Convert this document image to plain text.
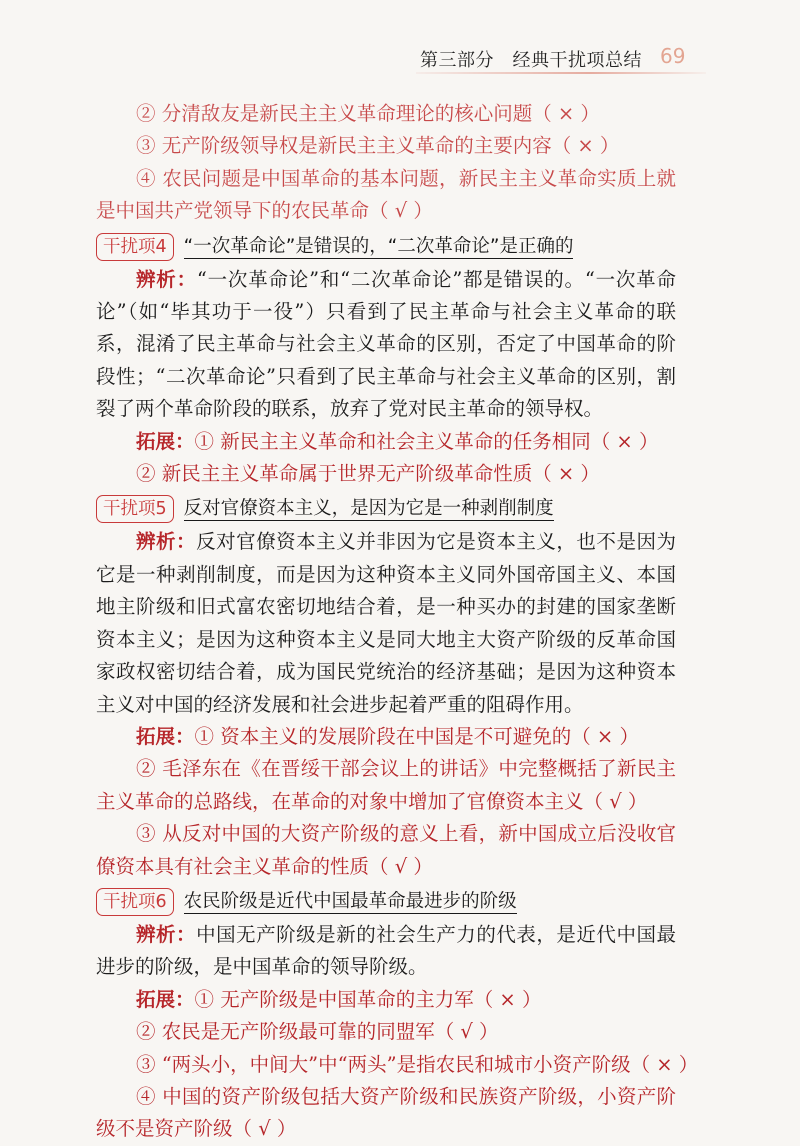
第三部分　经典干扰项总结 69

② 分清敌友是新民主主义革命理论的核心问题（ × ）

③ 无产阶级领导权是新民主主义革命的主要内容（ × ）

④ 农民问题是中国革命的基本问题，新民主主义革命实质上就是中国共产党领导下的农民革命（ √ ）

干扰项4 “一次革命论”是错误的，“二次革命论”是正确的

辨析：“一次革命论”和“二次革命论”都是错误的。“一次革命论”（如“毕其功于一役”）只看到了民主革命与社会主义革命的联系，混淆了民主革命与社会主义革命的区别，否定了中国革命的阶段性；“二次革命论”只看到了民主革命与社会主义革命的区别，割裂了两个革命阶段的联系，放弃了党对民主革命的领导权。

拓展：① 新民主主义革命和社会主义革命的任务相同（ × ）

② 新民主主义革命属于世界无产阶级革命性质（ × ）

干扰项5 反对官僚资本主义，是因为它是一种剥削制度

辨析：反对官僚资本主义并非因为它是资本主义，也不是因为它是一种剥削制度，而是因为这种资本主义同外国帝国主义、本国地主阶级和旧式富农密切地结合着，是一种买办的封建的国家垄断资本主义；是因为这种资本主义是同大地主大资产阶级的反革命国家政权密切结合着，成为国民党统治的经济基础；是因为这种资本主义对中国的经济发展和社会进步起着严重的阻碍作用。

拓展：① 资本主义的发展阶段在中国是不可避免的（ × ）

② 毛泽东在《在晋绥干部会议上的讲话》中完整概括了新民主主义革命的总路线，在革命的对象中增加了官僚资本主义（ √ ）

③ 从反对中国的大资产阶级的意义上看，新中国成立后没收官僚资本具有社会主义革命的性质（ √ ）

干扰项6 农民阶级是近代中国最革命最进步的阶级

辨析：中国无产阶级是新的社会生产力的代表，是近代中国最进步的阶级，是中国革命的领导阶级。

拓展：① 无产阶级是中国革命的主力军（ × ）

② 农民是无产阶级最可靠的同盟军（ √ ）

③ “两头小，中间大”中“两头”是指农民和城市小资产阶级（ × ）

④ 中国的资产阶级包括大资产阶级和民族资产阶级，小资产阶级不是资产阶级（ √ ）
